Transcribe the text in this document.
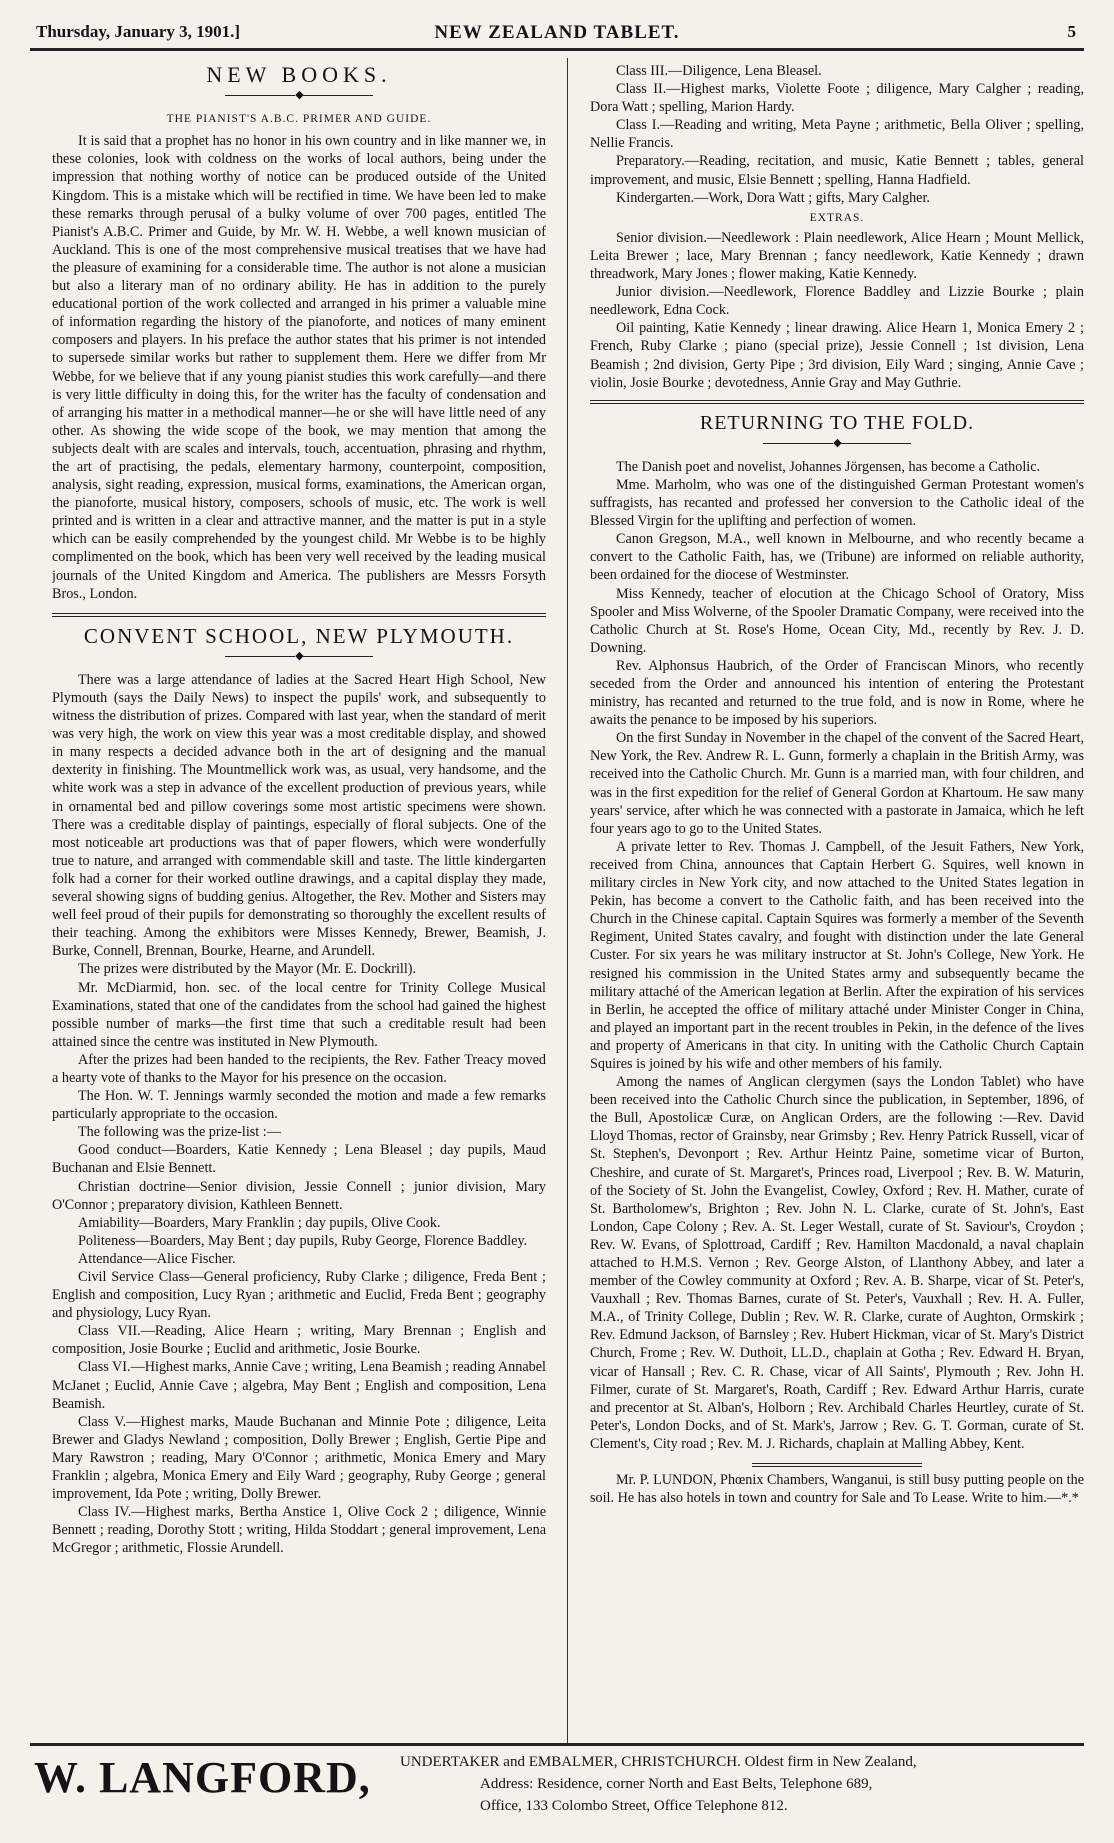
Thursday, January 3, 1901.]	NEW ZEALAND TABLET.	5
NEW BOOKS.
◆
THE PIANIST'S A.B.C. PRIMER AND GUIDE.

It is said that a prophet has no honor in his own country and in like manner we, in these colonies, look with coldness on the works of local authors, being under the impression that nothing worthy of notice can be produced outside of the United Kingdom. This is a mistake which will be rectified in time. We have been led to make these remarks through perusal of a bulky volume of over 700 pages, entitled The Pianist's A.B.C. Primer and Guide, by Mr. W. H. Webbe, a well known musician of Auckland. This is one of the most comprehensive musical treatises that we have had the pleasure of examining for a considerable time. The author is not alone a musician but also a literary man of no ordinary ability. He has in addition to the purely educational portion of the work collected and arranged in his primer a valuable mine of information regarding the history of the pianoforte, and notices of many eminent composers and players. In his preface the author states that his primer is not intended to supersede similar works but rather to supplement them. Here we differ from Mr Webbe, for we believe that if any young pianist studies this work carefully—and there is very little difficulty in doing this, for the writer has the faculty of condensation and of arranging his matter in a methodical manner—he or she will have little need of any other. As showing the wide scope of the book, we may mention that among the subjects dealt with are scales and intervals, touch, accentuation, phrasing and rhythm, the art of practising, the pedals, elementary harmony, counterpoint, composition, analysis, sight reading, expression, musical forms, examinations, the American organ, the pianoforte, musical history, composers, schools of music, etc. The work is well printed and is written in a clear and attractive manner, and the matter is put in a style which can be easily comprehended by the youngest child. Mr Webbe is to be highly complimented on the book, which has been very well received by the leading musical journals of the United Kingdom and America. The publishers are Messrs Forsyth Bros., London.

CONVENT SCHOOL, NEW PLYMOUTH.
◆

There was a large attendance of ladies at the Sacred Heart High School, New Plymouth (says the Daily News) to inspect the pupils' work, and subsequently to witness the distribution of prizes. Compared with last year, when the standard of merit was very high, the work on view this year was a most creditable display, and showed in many respects a decided advance both in the art of designing and the manual dexterity in finishing. The Mountmellick work was, as usual, very handsome, and the white work was a step in advance of the excellent production of previous years, while in ornamental bed and pillow coverings some most artistic specimens were shown. There was a creditable display of paintings, especially of floral subjects. One of the most noticeable art productions was that of paper flowers, which were wonderfully true to nature, and arranged with commendable skill and taste. The little kindergarten folk had a corner for their worked outline drawings, and a capital display they made, several showing signs of budding genius. Altogether, the Rev. Mother and Sisters may well feel proud of their pupils for demonstrating so thoroughly the excellent results of their teaching. Among the exhibitors were Misses Kennedy, Brewer, Beamish, J. Burke, Connell, Brennan, Bourke, Hearne, and Arundell.

The prizes were distributed by the Mayor (Mr. E. Dockrill).

Mr. McDiarmid, hon. sec. of the local centre for Trinity College Musical Examinations, stated that one of the candidates from the school had gained the highest possible number of marks—the first time that such a creditable result had been attained since the centre was instituted in New Plymouth.

After the prizes had been handed to the recipients, the Rev. Father Treacy moved a hearty vote of thanks to the Mayor for his presence on the occasion.

The Hon. W. T. Jennings warmly seconded the motion and made a few remarks particularly appropriate to the occasion.

The following was the prize-list :—

Good conduct—Boarders, Katie Kennedy ; Lena Bleasel ; day pupils, Maud Buchanan and Elsie Bennett.

Christian doctrine—Senior division, Jessie Connell ; junior division, Mary O'Connor ; preparatory division, Kathleen Bennett.

Amiability—Boarders, Mary Franklin ; day pupils, Olive Cook.

Politeness—Boarders, May Bent ; day pupils, Ruby George, Florence Baddley.

Attendance—Alice Fischer.

Civil Service Class—General proficiency, Ruby Clarke ; diligence, Freda Bent ; English and composition, Lucy Ryan ; arithmetic and Euclid, Freda Bent ; geography and physiology, Lucy Ryan.

Class VII.—Reading, Alice Hearn ; writing, Mary Brennan ; English and composition, Josie Bourke ; Euclid and arithmetic, Josie Bourke.

Class VI.—Highest marks, Annie Cave ; writing, Lena Beamish ; reading Annabel McJanet ; Euclid, Annie Cave ; algebra, May Bent ; English and composition, Lena Beamish.

Class V.—Highest marks, Maude Buchanan and Minnie Pote ; diligence, Leita Brewer and Gladys Newland ; composition, Dolly Brewer ; English, Gertie Pipe and Mary Rawstron ; reading, Mary O'Connor ; arithmetic, Monica Emery and Mary Franklin ; algebra, Monica Emery and Eily Ward ; geography, Ruby George ; general improvement, Ida Pote ; writing, Dolly Brewer.

Class IV.—Highest marks, Bertha Anstice 1, Olive Cock 2 ; diligence, Winnie Bennett ; reading, Dorothy Stott ; writing, Hilda Stoddart ; general improvement, Lena McGregor ; arithmetic, Flossie Arundell.

Class III.—Diligence, Lena Bleasel.

Class II.—Highest marks, Violette Foote ; diligence, Mary Calgher ; reading, Dora Watt ; spelling, Marion Hardy.

Class I.—Reading and writing, Meta Payne ; arithmetic, Bella Oliver ; spelling, Nellie Francis.

Preparatory.—Reading, recitation, and music, Katie Bennett ; tables, general improvement, and music, Elsie Bennett ; spelling, Hanna Hadfield.

Kindergarten.—Work, Dora Watt ; gifts, Mary Calgher.

EXTRAS.

Senior division.—Needlework : Plain needlework, Alice Hearn ; Mount Mellick, Leita Brewer ; lace, Mary Brennan ; fancy needlework, Katie Kennedy ; drawn threadwork, Mary Jones ; flower making, Katie Kennedy.

Junior division.—Needlework, Florence Baddley and Lizzie Bourke ; plain needlework, Edna Cock.

Oil painting, Katie Kennedy ; linear drawing. Alice Hearn 1, Monica Emery 2 ; French, Ruby Clarke ; piano (special prize), Jessie Connell ; 1st division, Lena Beamish ; 2nd division, Gerty Pipe ; 3rd division, Eily Ward ; singing, Annie Cave ; violin, Josie Bourke ; devotedness, Annie Gray and May Guthrie.

RETURNING TO THE FOLD.
◆

The Danish poet and novelist, Johannes Jörgensen, has become a Catholic.

Mme. Marholm, who was one of the distinguished German Protestant women's suffragists, has recanted and professed her conversion to the Catholic ideal of the Blessed Virgin for the uplifting and perfection of women.

Canon Gregson, M.A., well known in Melbourne, and who recently became a convert to the Catholic Faith, has, we (Tribune) are informed on reliable authority, been ordained for the diocese of Westminster.

Miss Kennedy, teacher of elocution at the Chicago School of Oratory, Miss Spooler and Miss Wolverne, of the Spooler Dramatic Company, were received into the Catholic Church at St. Rose's Home, Ocean City, Md., recently by Rev. J. D. Downing.

Rev. Alphonsus Haubrich, of the Order of Franciscan Minors, who recently seceded from the Order and announced his intention of entering the Protestant ministry, has recanted and returned to the true fold, and is now in Rome, where he awaits the penance to be imposed by his superiors.

On the first Sunday in November in the chapel of the convent of the Sacred Heart, New York, the Rev. Andrew R. L. Gunn, formerly a chaplain in the British Army, was received into the Catholic Church. Mr. Gunn is a married man, with four children, and was in the first expedition for the relief of General Gordon at Khartoum. He saw many years' service, after which he was connected with a pastorate in Jamaica, which he left four years ago to go to the United States.

A private letter to Rev. Thomas J. Campbell, of the Jesuit Fathers, New York, received from China, announces that Captain Herbert G. Squires, well known in military circles in New York city, and now attached to the United States legation in Pekin, has become a convert to the Catholic faith, and has been received into the Church in the Chinese capital. Captain Squires was formerly a member of the Seventh Regiment, United States cavalry, and fought with distinction under the late General Custer. For six years he was military instructor at St. John's College, New York. He resigned his commission in the United States army and subsequently became the military attaché of the American legation at Berlin. After the expiration of his services in Berlin, he accepted the office of military attaché under Minister Conger in China, and played an important part in the recent troubles in Pekin, in the defence of the lives and property of Americans in that city. In uniting with the Catholic Church Captain Squires is joined by his wife and other members of his family.

Among the names of Anglican clergymen (says the London Tablet) who have been received into the Catholic Church since the publication, in September, 1896, of the Bull, Apostolicæ Curæ, on Anglican Orders, are the following :—Rev. David Lloyd Thomas, rector of Grainsby, near Grimsby ; Rev. Henry Patrick Russell, vicar of St. Stephen's, Devonport ; Rev. Arthur Heintz Paine, sometime vicar of Burton, Cheshire, and curate of St. Margaret's, Princes road, Liverpool ; Rev. B. W. Maturin, of the Society of St. John the Evangelist, Cowley, Oxford ; Rev. H. Mather, curate of St. Bartholomew's, Brighton ; Rev. John N. L. Clarke, curate of St. John's, East London, Cape Colony ; Rev. A. St. Leger Westall, curate of St. Saviour's, Croydon ; Rev. W. Evans, of Splottroad, Cardiff ; Rev. Hamilton Macdonald, a naval chaplain attached to H.M.S. Vernon ; Rev. George Alston, of Llanthony Abbey, and later a member of the Cowley community at Oxford ; Rev. A. B. Sharpe, vicar of St. Peter's, Vauxhall ; Rev. Thomas Barnes, curate of St. Peter's, Vauxhall ; Rev. H. A. Fuller, M.A., of Trinity College, Dublin ; Rev. W. R. Clarke, curate of Aughton, Ormskirk ; Rev. Edmund Jackson, of Barnsley ; Rev. Hubert Hickman, vicar of St. Mary's District Church, Frome ; Rev. W. Duthoit, LL.D., chaplain at Gotha ; Rev. Edward H. Bryan, vicar of Hansall ; Rev. C. R. Chase, vicar of All Saints', Plymouth ; Rev. John H. Filmer, curate of St. Margaret's, Roath, Cardiff ; Rev. Edward Arthur Harris, curate and precentor at St. Alban's, Holborn ; Rev. Archibald Charles Heurtley, curate of St. Peter's, London Docks, and of St. Mark's, Jarrow ; Rev. G. T. Gorman, curate of St. Clement's, City road ; Rev. M. J. Richards, chaplain at Malling Abbey, Kent.

Mr. P. LUNDON, Phœnix Chambers, Wanganui, is still busy putting people on the soil. He has also hotels in town and country for Sale and To Lease. Write to him.—*.*

W. LANGFORD, UNDERTAKER and EMBALMER, CHRISTCHURCH. Oldest firm in New Zealand,
Address: Residence, corner North and East Belts, Telephone 689,
Office, 133 Colombo Street, Office Telephone 812.
